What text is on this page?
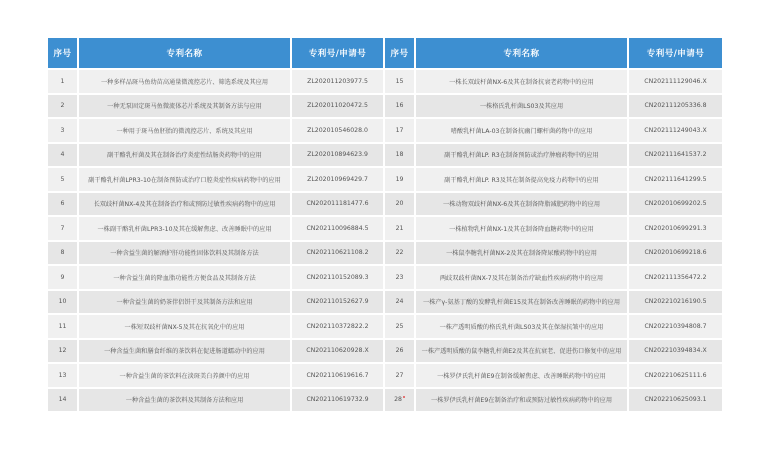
序号	专利名称	专利号/申请号	序号	专利名称	专利号/申请号
1	一种多样品斑马鱼幼苗高通量微流控芯片、筛选系统及其应用	ZL202011203977.5	15	一株长双歧杆菌NX-6及其在制备抗衰老药物中的应用	CN202111129046.X
2	一种无泵固定斑马鱼微流体芯片系统及其制备方法与应用	ZL202011020472.5	16	一株格氏乳杆菌LS03及其应用	CN202111205336.8
3	一种用于斑马鱼胚胎的微流控芯片、系统及其应用	ZL202010546028.0	17	嗜酸乳杆菌LA-03在制备抗幽门螺杆菌药物中的应用	CN202111249043.X
4	副干酪乳杆菌及其在制备治疗炎症性结肠炎药物中的应用	ZL202010894623.9	18	副干酪乳杆菌LP. R3在制备预防或治疗肿瘤药物中的应用	CN202111641537.2
5	副干酪乳杆菌LPR3-10在制备预防或治疗口腔炎症性疾病药物中的应用	ZL202010969429.7	19	副干酪乳杆菌LP. R3及其在制备提高免疫力药物中的应用	CN202111641299.5
6	长双歧杆菌NX-4及其在制备治疗和或预防过敏性疾病药物中的应用	CN202011181477.6	20	一株动物双歧杆菌NX-6及其在制备降脂减肥药物中的应用	CN202010699202.5
7	一株副干酪乳杆菌LPR3-10及其在缓解焦虑、改善睡眠中的应用	CN202110096884.5	21	一株植物乳杆菌NX-1及其在制备降血糖药物中的应用	CN202010699291.3
8	一种含益生菌的解酒护肝功能性固体饮料及其制备方法	CN202110621108.2	22	一株鼠李糖乳杆菌NX-2及其在制备降尿酸药物中的应用	CN202010699218.6
9	一种含益生菌的降血脂功能性方便食品及其制备方法	CN202110152089.3	23	两歧双歧杆菌NX-7及其在制备治疗缺血性疾病药物中的应用	CN202111356472.2
10	一种含益生菌的奶茶伴侣饼干及其制备方法和应用	CN202110152627.9	24	一株产γ-氨基丁酸的发酵乳杆菌E15及其在制备改善睡眠的药物中的应用	CN202210216190.5
11	一株短双歧杆菌NX-5及其在抗氧化中的应用	CN202110372822.2	25	一株产透明质酸的格氏乳杆菌LS03及其在保湿抗皱中的应用	CN202210394808.7
12	一种含益生菌和膳食纤维的茶饮料在促进肠道蠕动中的应用	CN202110620928.X	26	一株产透明质酸的鼠李糖乳杆菌E2及其在抗衰老、促进伤口修复中的应用	CN202210394834.X
13	一种含益生菌的茶饮料在淡斑美白养颜中的应用	CN202110619616.7	27	一株罗伊氏乳杆菌E9在制备缓解焦虑、改善睡眠药物中的应用	CN202210625111.6
14	一种含益生菌的茶饮料及其制备方法和应用	CN202110619732.9	28	一株罗伊氏乳杆菌E9在制备治疗和或预防过敏性疾病药物中的应用	CN202210625093.1
